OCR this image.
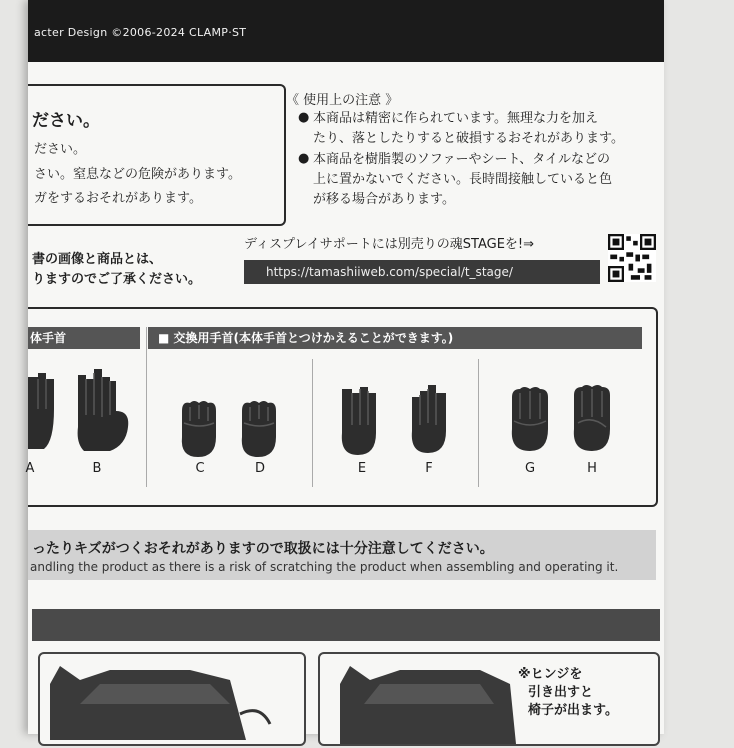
acter Design ©2006-2024 CLAMP·ST
ださい。
ださい。
さい。窒息などの危険があります。
ガをするおそれがあります。
《 使用上の注意 》
● 本商品は精密に作られています。無理な力を加え
たり、落としたりすると破損するおそれがあります。
● 本商品を樹脂製のソファーやシート、タイルなどの
上に置かないでください。長時間接触していると色
が移る場合があります。
書の画像と商品とは、
りますのでご了承ください。
ディスプレイサポートには別売りの魂STAGEを!⇒
https://tamashiiweb.com/special/t_stage/
体手首	■ 交換用手首(本体手首とつけかえることができます。)
A	B	C	D	E	F	G	H
ったりキズがつくおそれがありますので取扱には十分注意してください。
andling the product as there is a risk of scratching the product when assembling and operating it.
※ヒンジを
引き出すと
椅子が出ます。
